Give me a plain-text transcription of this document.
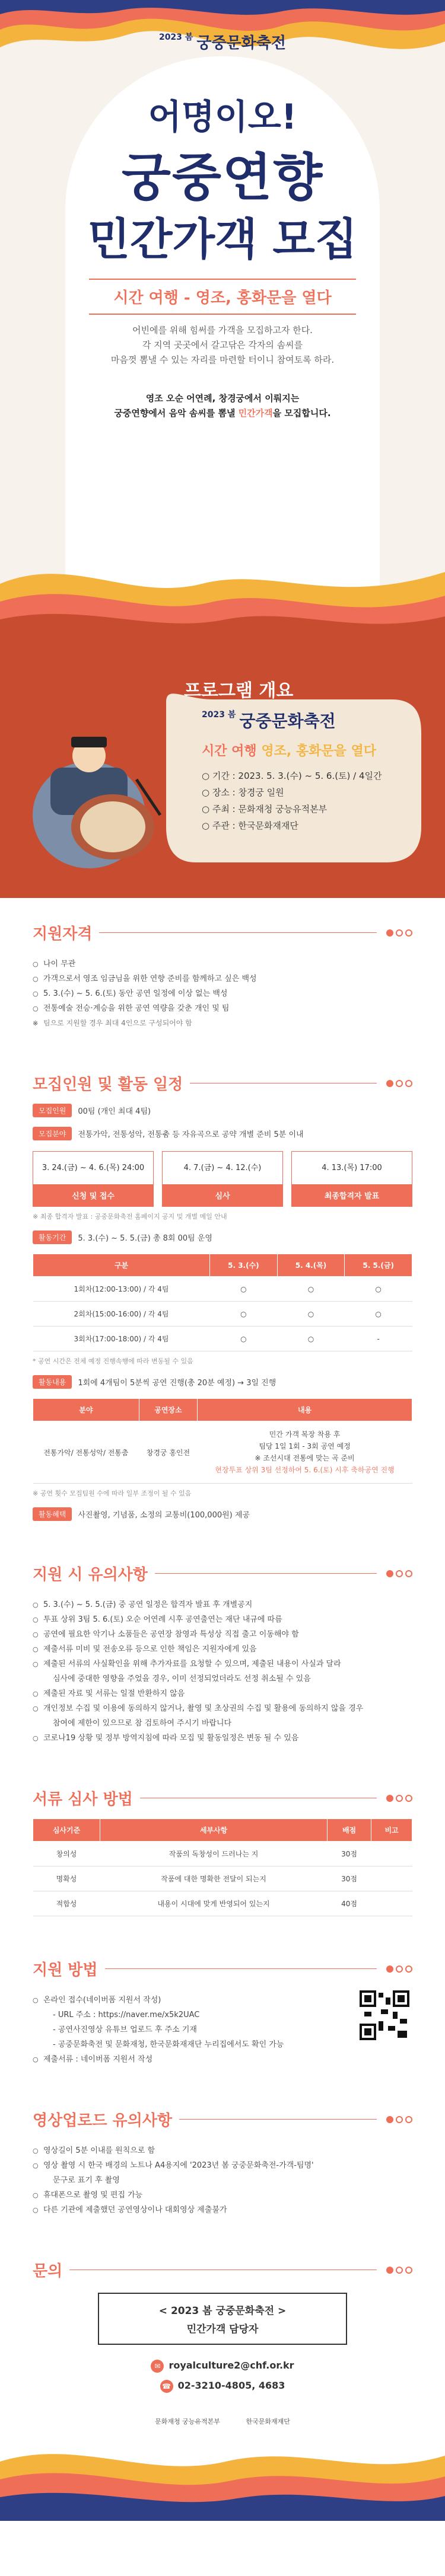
$^{2023 봄}$ 궁중문화축전
어명이오!
궁중연향
민간가객 모집
시간 여행 - 영조, 홍화문을 열다
어빈에를 위해 힘써를 가객을 모집하고자 한다.
각 지역 곳곳에서 갈고닦은 각자의 솜씨를
마음껏 뽐낼 수 있는 자리를 마련할 터이니 참여토록 하라.
영조 오순 어연례, 창경궁에서 이뤄지는
궁중연향에서 음악 솜씨를 뽐낼 민간가객을 모집합니다.
프로그램 개요
$^{2023 봄}$ 궁중문화축전
시간 여행 영조, 홍화문을 열다
○ 기간 : 2023. 5. 3.(수) ~ 5. 6.(토) / 4일간
○ 장소 : 창경궁 일원
○ 주최 : 문화재청 궁능유적본부
○ 주관 : 한국문화재재단
지원자격
○ 나이 무관
○ 가객으로서 영조 임금님을 위한 연향 준비를 함께하고 싶은 백성
○ 5. 3.(수) ~ 5. 6.(토) 동안 공연 일정에 이상 없는 백성
○ 전통예술 전승·계승을 위한 공연 역량을 갖춘 개인 및 팀
※ 팀으로 지원할 경우 최대 4인으로 구성되어야 함
모집인원 및 활동 일정
모집인원	00팀 (개인 최대 4팀)
모집분야	전통가악, 전통성악, 전통춤 등 자유곡으로 공약 개별 준비 5분 이내
3. 24.(금) ~ 4. 6.(목) 24:00
신청 및 접수
4. 7.(금) ~ 4. 12.(수)
심사
4. 13.(목) 17:00
최종합격자 발표
※ 최종 합격자 발표 : 공중문화축전 홈페이지 공지 및 개별 메일 안내
활동기간	5. 3.(수) ~ 5. 5.(금) 총 8회 00팀 운영
구분	5. 3.(수)	5. 4.(목)	5. 5.(금)
1회차(12:00-13:00) / 각 4팀	○	○	○
2회차(15:00-16:00) / 각 4팀	○	○	○
3회차(17:00-18:00) / 각 4팀	○	○	-
* 공연 시간은 전체 예정 진행속행에 따라 변동될 수 있음
활동내용	1회에 4개팀이 5분씩 공연 진행(총 20분 예정) → 3일 진행
분야	공연장소	내용
전통가악/ 전통성악/ 전통춤	창경궁 홍인전	민간 가객 복장 착용 후
팀당 1일 1회 - 3회 공연 예정
※ 조선시대 전통에 맞는 곡 준비
현장투표 상위 3팀 선정하여 5. 6.(토) 시후 축하공연 진행
※ 공연 횟수 모집팀원 수에 따라 일부 조정이 될 수 있음
활동혜택	사진촬영, 기념품, 소정의 교통비(100,000원) 제공
지원 시 유의사항
○ 5. 3.(수) ~ 5. 5.(금) 중 공연 일정은 합격자 발표 후 개별공지
○ 투표 상위 3팀 5. 6.(토) 오순 어연례 시후 공연출연는 재단 내규에 따름
○ 공연에 필요한 악기나 소품들은 공연장 참영과 특성상 직접 출고 이동해야 함
○ 제출서류 미비 및 전송오류 등으로 인한 책임은 지원자에게 있음
○ 제출된 서류의 사실확인을 위해 추가자료를 요청할 수 있으며, 제출된 내용이 사실과 달라
심사에 중대한 영향을 주었을 경우, 이미 선정되었더라도 선정 취소될 수 있음
○ 제출된 자료 및 서류는 일절 반환하지 않음
○ 개인정보 수집 및 이용에 동의하지 않거나, 촬영 및 초상권의 수집 및 활용에 동의하지 않을 경우
참여에 제한이 있으므로 참 검토하여 주시기 바랍니다
○ 코로나19 상황 및 정부 방역지침에 따라 모집 및 활동일정은 변동 될 수 있음
서류 심사 방법
심사기준	세부사항	배점	비고
창의성	작품의 독창성이 드러나는 지	30점	
명확성	작품에 대한 명확한 전달이 되는지	30점	
적합성	내용이 시대에 맞게 반영되어 있는지	40점	
지원 방법
○ 온라인 접수(네이버폼 지원서 작성)
- URL 주소 : https://naver.me/x5k2UAC
- 공연사진영상 유튜브 업로드 후 주소 기재
- 공중문화축전 및 문화재청, 한국문화재재단 누리집에서도 확인 가능
○ 제출서류 : 네이버폼 지원서 작성
영상업로드 유의사항
○ 영상길이 5분 이내를 원칙으로 함
○ 영상 촬영 시 한국 배경의 노트나 A4용지에 '2023년 봄 궁중문화축전-가객-팀명'
문구로 표기 후 촬영
○ 휴대폰으로 촬영 및 편집 가능
○ 다른 기관에 제출했던 공연영상이나 대회영상 제출불가
문의
< 2023 봄 궁중문화축전 >
민간가객 담당자
✉ royalculture2@chf.or.kr
☎ 02-3210-4805, 4683
문화재청 궁능유적본부	한국문화재재단
